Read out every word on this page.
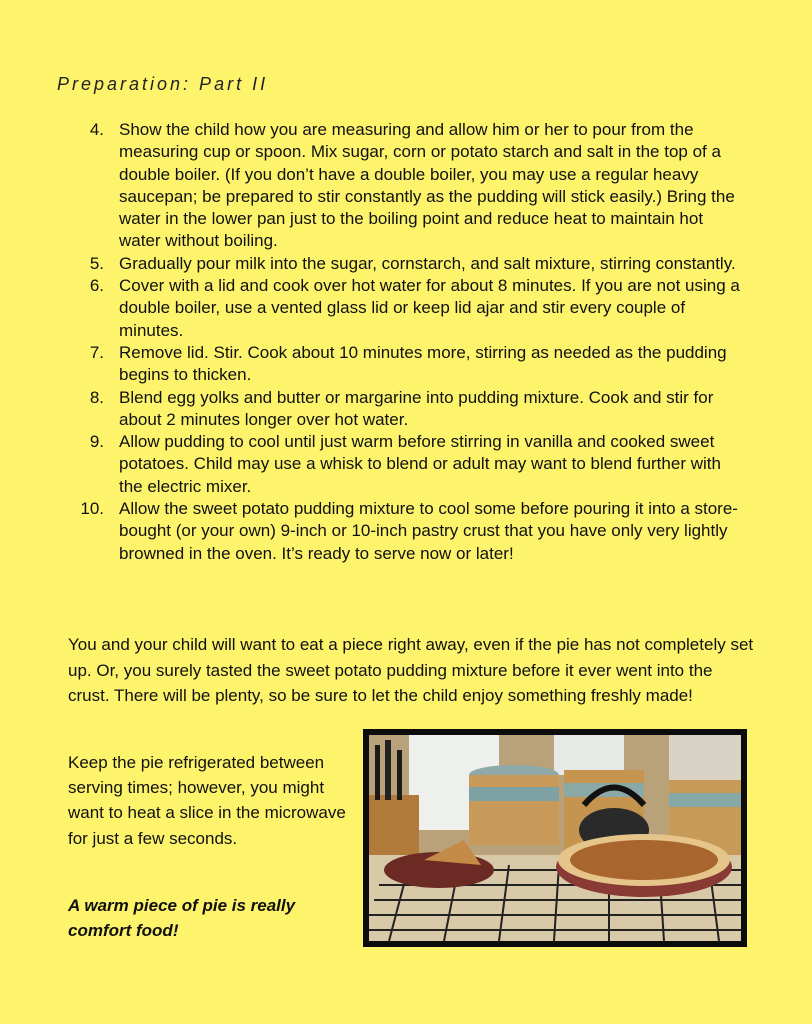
Preparation: Part II
4. Show the child how you are measuring and allow him or her to pour from the measuring cup or spoon. Mix sugar, corn or potato starch and salt in the top of a double boiler. (If you don’t have a double boiler, you may use a regular heavy saucepan; be prepared to stir constantly as the pudding will stick easily.) Bring the water in the lower pan just to the boiling point and reduce heat to maintain hot water without boiling.
5. Gradually pour milk into the sugar, cornstarch, and salt mixture, stirring constantly.
6. Cover with a lid and cook over hot water for about 8 minutes. If you are not using a double boiler, use a vented glass lid or keep lid ajar and stir every couple of minutes.
7. Remove lid. Stir. Cook about 10 minutes more, stirring as needed as the pudding begins to thicken.
8. Blend egg yolks and butter or margarine into pudding mixture. Cook and stir for about 2 minutes longer over hot water.
9. Allow pudding to cool until just warm before stirring in vanilla and cooked sweet potatoes. Child may use a whisk to blend or adult may want to blend further with the electric mixer.
10. Allow the sweet potato pudding mixture to cool some before pouring it into a store-bought (or your own) 9-inch or 10-inch pastry crust that you have only very lightly browned in the oven. It’s ready to serve now or later!

You and your child will want to eat a piece right away, even if the pie has not completely set up. Or, you surely tasted the sweet potato pudding mixture before it ever went into the crust. There will be plenty, so be sure to let the child enjoy something freshly made!

Keep the pie refrigerated between serving times; however, you might want to heat a slice in the microwave for just a few seconds.

A warm piece of pie is really comfort food!
